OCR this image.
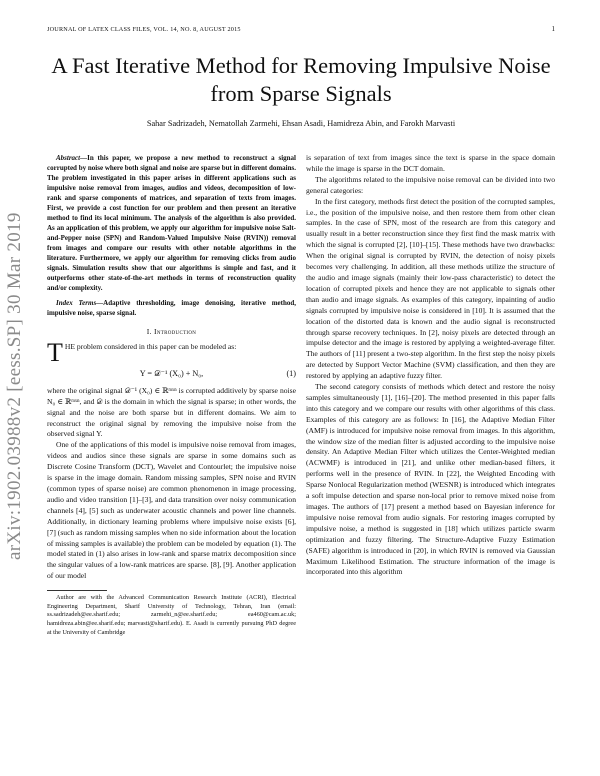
JOURNAL OF LATEX CLASS FILES, VOL. 14, NO. 8, AUGUST 2015	1
arXiv:1902.03988v2 [eess.SP] 30 Mar 2019
A Fast Iterative Method for Removing Impulsive Noise from Sparse Signals
Sahar Sadrizadeh, Nematollah Zarmehi, Ehsan Asadi, Hamidreza Abin, and Farokh Marvasti

Abstract—In this paper, we propose a new method to reconstruct a signal corrupted by noise where both signal and noise are sparse but in different domains. The problem investigated in this paper arises in different applications such as impulsive noise removal from images, audios and videos, decomposition of low-rank and sparse components of matrices, and separation of texts from images. First, we provide a cost function for our problem and then present an iterative method to find its local minimum. The analysis of the algorithm is also provided. As an application of this problem, we apply our algorithm for impulsive noise Salt-and-Pepper noise (SPN) and Random-Valued Impulsive Noise (RVIN)) removal from images and compare our results with other notable algorithms in the literature. Furthermore, we apply our algorithm for removing clicks from audio signals. Simulation results show that our algorithms is simple and fast, and it outperforms other state-of-the-art methods in terms of reconstruction quality and/or complexity.

Index Terms—Adaptive thresholding, image denoising, iterative method, impulsive noise, sparse signal.

I. Introduction

THE problem considered in this paper can be modeled as:

Y = 𝒟⁻¹ (X₀) + N₀,	(1)

where the original signal 𝒟⁻¹ (X₀) ∈ ℝᵐˣⁿ is corrupted additively by sparse noise N₀ ∈ ℝᵐˣⁿ, and 𝒟 is the domain in which the signal is sparse; in other words, the signal and the noise are both sparse but in different domains. We aim to reconstruct the original signal by removing the impulsive noise from the observed signal Y.

One of the applications of this model is impulsive noise removal from images, videos and audios since these signals are sparse in some domains such as Discrete Cosine Transform (DCT), Wavelet and Contourlet; the impulsive noise is sparse in the image domain. Random missing samples, SPN noise and RVIN (common types of sparse noise) are common phenomenon in image processing, audio and video transition [1]–[3], and data transition over noisy communication channels [4], [5] such as underwater acoustic channels and power line channels. Additionally, in dictionary learning problems where impulsive noise exists [6], [7] (such as random missing samples when no side information about the location of missing samples is available) the problem can be modeled by equation (1). The model stated in (1) also arises in low-rank and sparse matrix decomposition since the singular values of a low-rank matrices are sparse. [8], [9]. Another application of our model

Author are with the Advanced Communication Research Institute (ACRI), Electrical Engineering Department, Sharif University of Technology, Tehran, Iran (email: ss.sadrizadeh@ee.sharif.edu; zarmehi_n@ee.sharif.edu; ea460@cam.ac.uk; hamidreza.abin@ee.sharif.edu; marvasti@sharif.edu). E. Asadi is currently pursuing PhD degree at the University of Cambridge

is separation of text from images since the text is sparse in the space domain while the image is sparse in the DCT domain.

The algorithms related to the impulsive noise removal can be divided into two general categories:

In the first category, methods first detect the position of the corrupted samples, i.e., the position of the impulsive noise, and then restore them from other clean samples. In the case of SPN, most of the research are from this category and usually result in a better reconstruction since they first find the mask matrix with which the signal is corrupted [2], [10]–[15]. These methods have two drawbacks: When the original signal is corrupted by RVIN, the detection of noisy pixels becomes very challenging. In addition, all these methods utilize the structure of the audio and image signals (mainly their low-pass characteristic) to detect the location of corrupted pixels and hence they are not applicable to signals other than audio and image signals. As examples of this category, inpainting of audio signals corrupted by impulsive noise is considered in [10]. It is assumed that the location of the distorted data is known and the audio signal is reconstructed through sparse recovery techniques. In [2], noisy pixels are detected through an impulse detector and the image is restored by applying a weighted-average filter. The authors of [11] present a two-step algorithm. In the first step the noisy pixels are detected by Support Vector Machine (SVM) classification, and then they are restored by applying an adaptive fuzzy filter.

The second category consists of methods which detect and restore the noisy samples simultaneously [1], [16]–[20]. The method presented in this paper falls into this category and we compare our results with other algorithms of this class. Examples of this category are as follows: In [16], the Adaptive Median Filter (AMF) is introduced for impulsive noise removal from images. In this algorithm, the window size of the median filter is adjusted according to the impulsive noise density. An Adaptive Median Filter which utilizes the Center-Weighted median (ACWMF) is introduced in [21], and unlike other median-based filters, it performs well in the presence of RVIN. In [22], the Weighted Encoding with Sparse Nonlocal Regularization method (WESNR) is introduced which integrates a soft impulse detection and sparse non-local prior to remove mixed noise from images. The authors of [17] present a method based on Bayesian inference for impulsive noise removal from audio signals. For restoring images corrupted by impulsive noise, a method is suggested in [18] which utilizes particle swarm optimization and fuzzy filtering. The Structure-Adaptive Fuzzy Estimation (SAFE) algorithm is introduced in [20], in which RVIN is removed via Gaussian Maximum Likelihood Estimation. The structure information of the image is incorporated into this algorithm
